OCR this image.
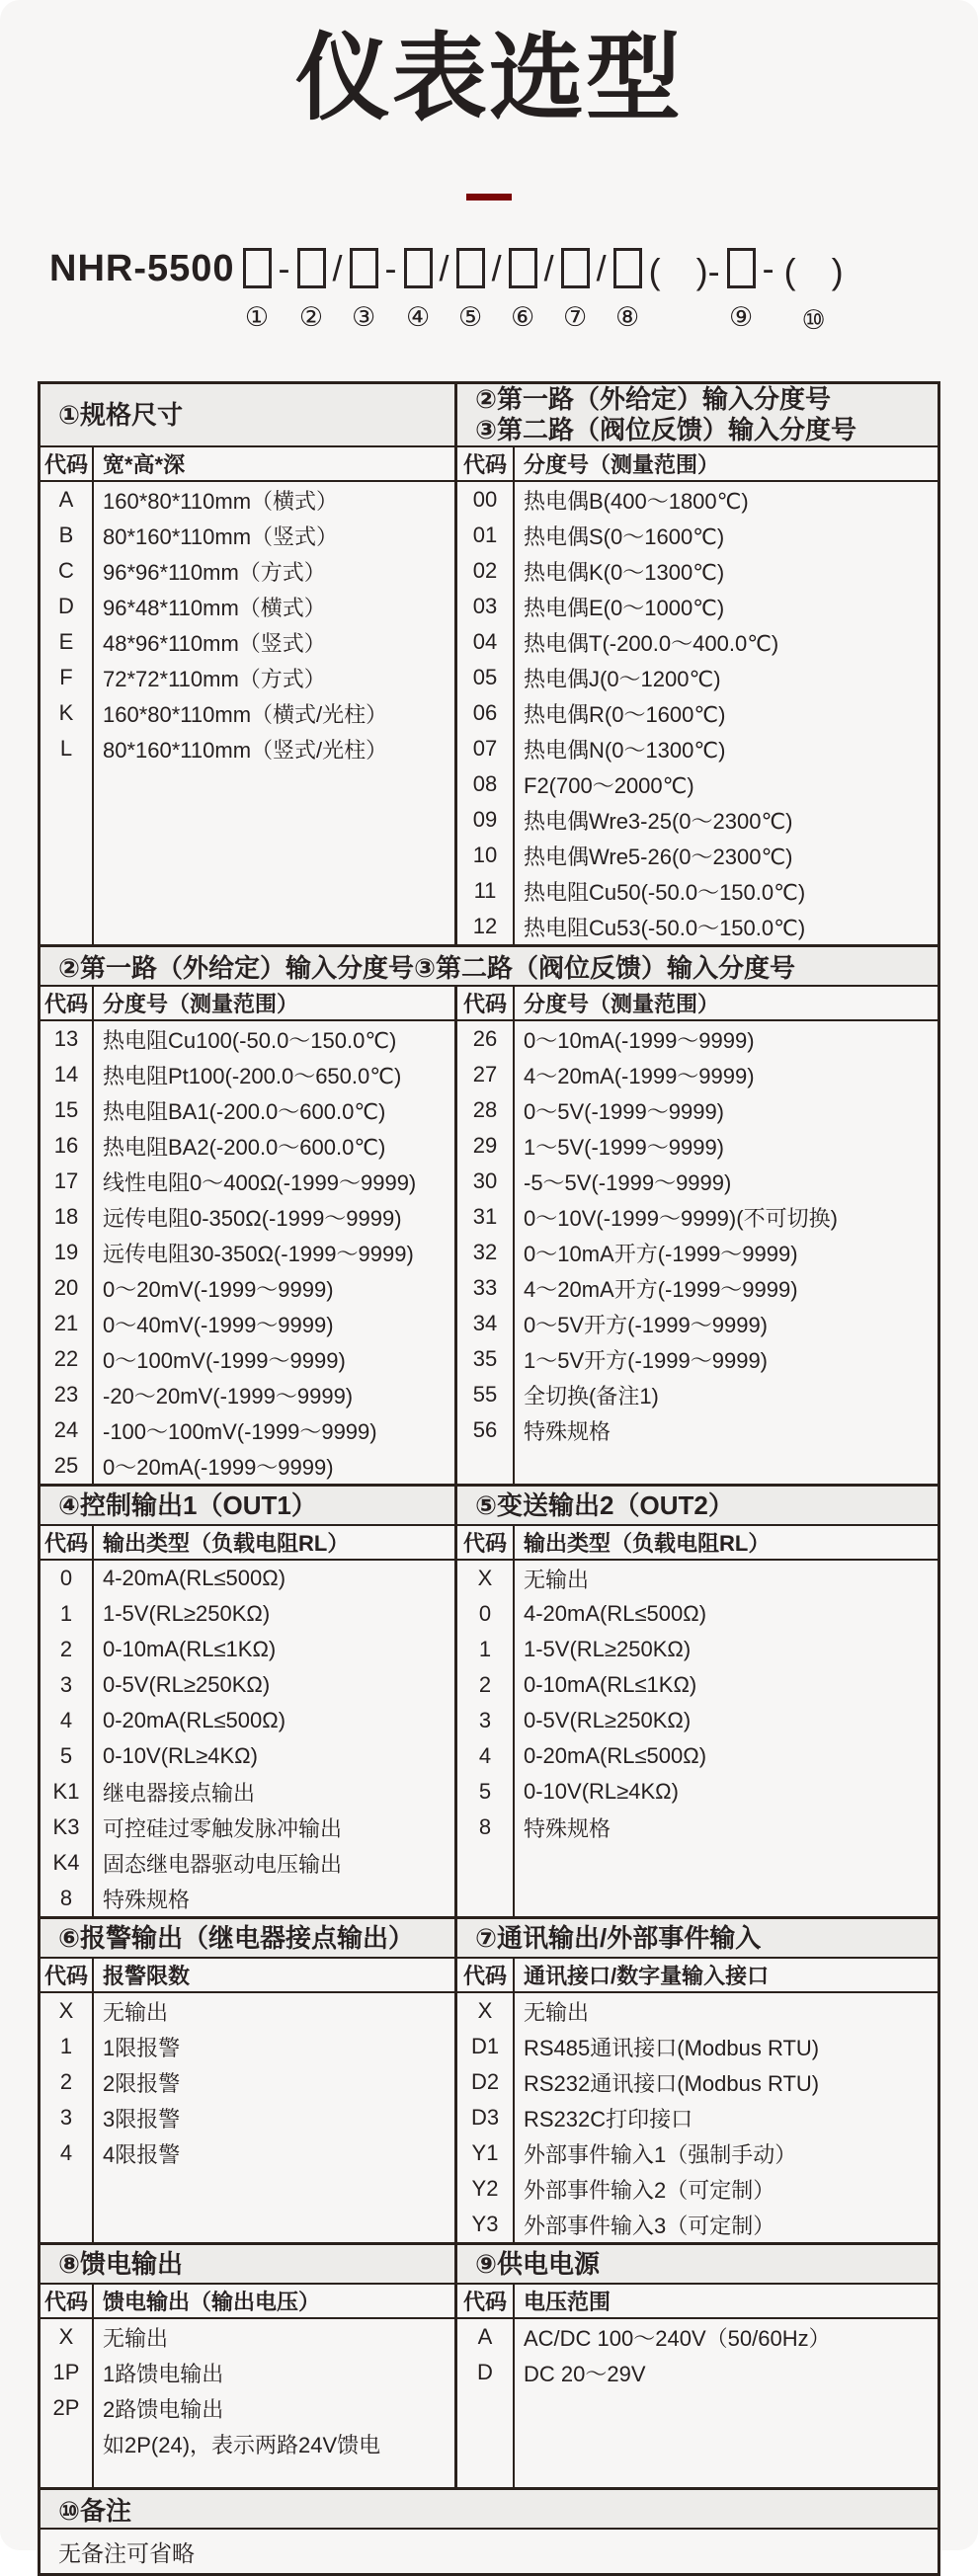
仪表选型
NHR-5500
①
-
②
/
③
-
④
/
⑤
/
⑥
/
⑦
/
⑧
(　)-
⑨
- (　)
⑩
①规格尺寸
代码 宽*高*深
A	160*80*110mm（横式）
B	80*160*110mm（竖式）
C	96*96*110mm（方式）
D	96*48*110mm（横式）
E	48*96*110mm（竖式）
F	72*72*110mm（方式）
K	160*80*110mm（横式/光柱）
L	80*160*110mm（竖式/光柱）
②第一路（外给定）输入分度号
③第二路（阀位反馈）输入分度号
代码 分度号（测量范围）
00	热电偶B(400～1800℃)
01	热电偶S(0～1600℃)
02	热电偶K(0～1300℃)
03	热电偶E(0～1000℃)
04	热电偶T(-200.0～400.0℃)
05	热电偶J(0～1200℃)
06	热电偶R(0～1600℃)
07	热电偶N(0～1300℃)
08	F2(700～2000℃)
09	热电偶Wre3-25(0～2300℃)
10	热电偶Wre5-26(0～2300℃)
11	热电阻Cu50(-50.0～150.0℃)
12	热电阻Cu53(-50.0～150.0℃)
②第一路（外给定）输入分度号③第二路（阀位反馈）输入分度号
代码 分度号（测量范围）
13	热电阻Cu100(-50.0～150.0℃)
14	热电阻Pt100(-200.0～650.0℃)
15	热电阻BA1(-200.0～600.0℃)
16	热电阻BA2(-200.0～600.0℃)
17	线性电阻0～400Ω(-1999～9999)
18	远传电阻0-350Ω(-1999～9999)
19	远传电阻30-350Ω(-1999～9999)
20	0～20mV(-1999～9999)
21	0～40mV(-1999～9999)
22	0～100mV(-1999～9999)
23	-20～20mV(-1999～9999)
24	-100～100mV(-1999～9999)
25	0～20mA(-1999～9999)
代码 分度号（测量范围）
26	0～10mA(-1999～9999)
27	4～20mA(-1999～9999)
28	0～5V(-1999～9999)
29	1～5V(-1999～9999)
30	-5～5V(-1999～9999)
31	0～10V(-1999～9999)(不可切换)
32	0～10mA开方(-1999～9999)
33	4～20mA开方(-1999～9999)
34	0～5V开方(-1999～9999)
35	1～5V开方(-1999～9999)
55	全切换(备注1)
56	特殊规格
④控制输出1（OUT1）
代码 输出类型（负载电阻RL）
0	4-20mA(RL≤500Ω)
1	1-5V(RL≥250KΩ)
2	0-10mA(RL≤1KΩ)
3	0-5V(RL≥250KΩ)
4	0-20mA(RL≤500Ω)
5	0-10V(RL≥4KΩ)
K1	继电器接点输出
K3	可控硅过零触发脉冲输出
K4	固态继电器驱动电压输出
8	特殊规格
⑤变送输出2（OUT2）
代码 输出类型（负载电阻RL）
X	无输出
0	4-20mA(RL≤500Ω)
1	1-5V(RL≥250KΩ)
2	0-10mA(RL≤1KΩ)
3	0-5V(RL≥250KΩ)
4	0-20mA(RL≤500Ω)
5	0-10V(RL≥4KΩ)
8	特殊规格
⑥报警输出（继电器接点输出）
代码 报警限数
X	无输出
1	1限报警
2	2限报警
3	3限报警
4	4限报警
⑦通讯输出/外部事件输入
代码 通讯接口/数字量输入接口
X	无输出
D1	RS485通讯接口(Modbus RTU)
D2	RS232通讯接口(Modbus RTU)
D3	RS232C打印接口
Y1	外部事件输入1（强制手动）
Y2	外部事件输入2（可定制）
Y3	外部事件输入3（可定制）
⑧馈电输出
代码 馈电输出（输出电压）
X	无输出
1P	1路馈电输出
2P	2路馈电输出
如2P(24)，表示两路24V馈电
⑨供电电源
代码 电压范围
A	AC/DC 100～240V（50/60Hz）
D	DC 20～29V
⑩备注
无备注可省略
